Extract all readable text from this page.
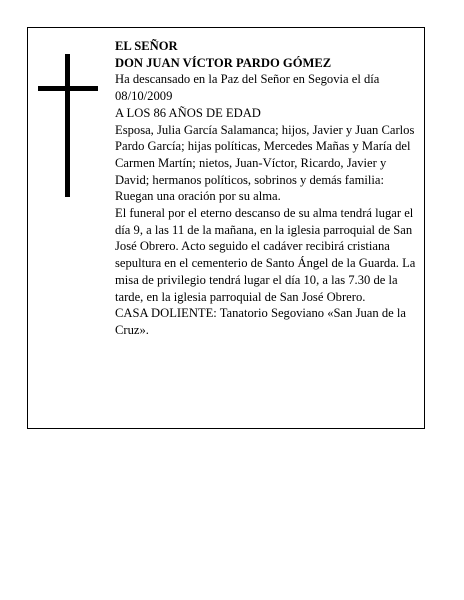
EL SEÑOR

DON JUAN VÍCTOR PARDO GÓMEZ

Ha descansado en la Paz del Señor en Segovia el día 08/10/2009

A LOS 86 AÑOS DE EDAD

Esposa, Julia García Salamanca; hijos, Javier y Juan Carlos Pardo García; hijas políticas, Mercedes Mañas y María del Carmen Martín; nietos, Juan-Víctor, Ricardo, Javier y David; hermanos políticos, sobrinos y demás familia:

Ruegan una oración por su alma.

El funeral por el eterno descanso de su alma tendrá lugar el día 9, a las 11 de la mañana, en la iglesia parroquial de San José Obrero. Acto seguido el cadáver recibirá cristiana sepultura en el cementerio de Santo Ángel de la Guarda. La misa de privilegio tendrá lugar el día 10, a las 7.30 de la tarde, en la iglesia parroquial de San José Obrero.

CASA DOLIENTE: Tanatorio Segoviano «San Juan de la Cruz».
